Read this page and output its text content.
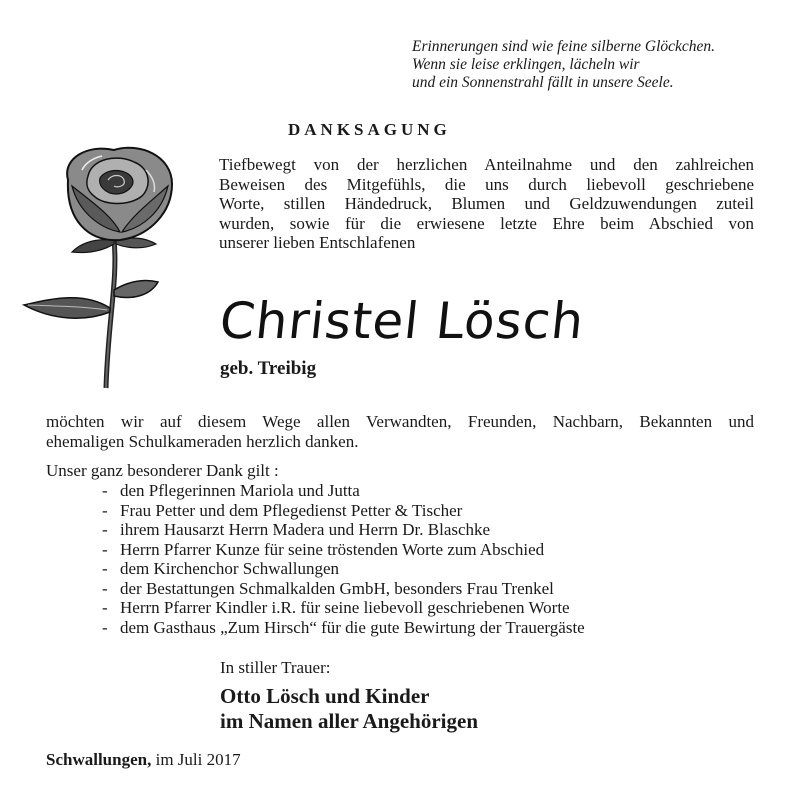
Erinnerungen sind wie feine silberne Glöckchen.
Wenn sie leise erklingen, lächeln wir
und ein Sonnenstrahl fällt in unsere Seele.
DANKSAGUNG
Tiefbewegt von der herzlichen Anteilnahme und den zahlreichen
Beweisen des Mitgefühls, die uns durch liebevoll geschriebene
Worte, stillen Händedruck, Blumen und Geldzuwendungen zuteil
wurden, sowie für die erwiesene letzte Ehre beim Abschied von
unserer lieben Entschlafenen
Christel Lösch
geb. Treibig
möchten wir auf diesem Wege allen Verwandten, Freunden, Nachbarn, Bekannten und
ehemaligen Schulkameraden herzlich danken.
Unser ganz besonderer Dank gilt :
- den Pflegerinnen Mariola und Jutta
- Frau Petter und dem Pflegedienst Petter & Tischer
- ihrem Hausarzt Herrn Madera und Herrn Dr. Blaschke
- Herrn Pfarrer Kunze für seine tröstenden Worte zum Abschied
- dem Kirchenchor Schwallungen
- der Bestattungen Schmalkalden GmbH, besonders Frau Trenkel
- Herrn Pfarrer Kindler i.R. für seine liebevoll geschriebenen Worte
- dem Gasthaus „Zum Hirsch“ für die gute Bewirtung der Trauergäste
In stiller Trauer:
Otto Lösch und Kinder
im Namen aller Angehörigen
Schwallungen, im Juli 2017
